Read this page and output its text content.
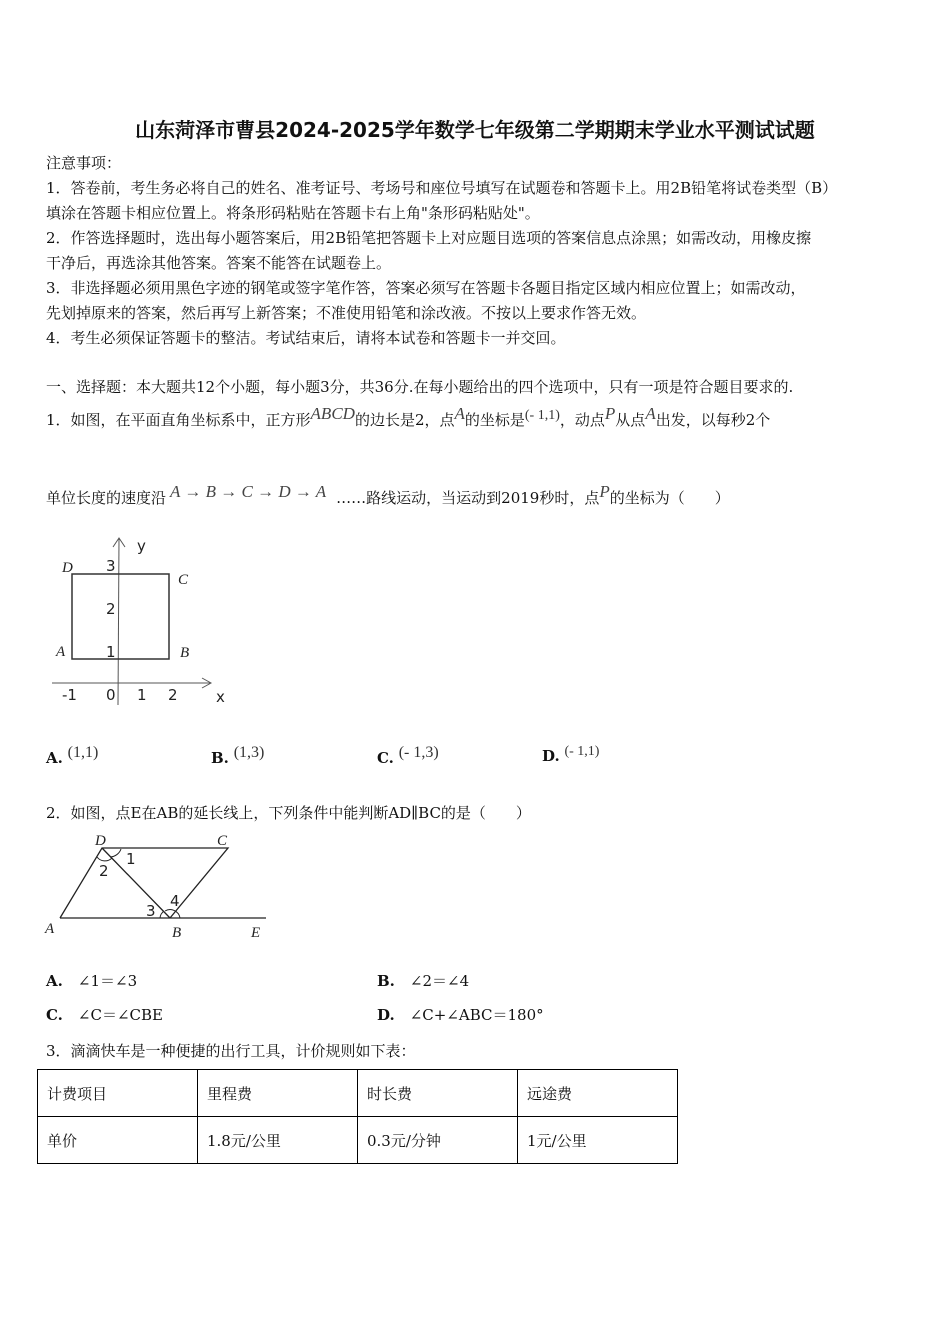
山东菏泽市曹县2024-2025学年数学七年级第二学期期末学业水平测试试题
注意事项：
1．答卷前，考生务必将自己的姓名、准考证号、考场号和座位号填写在试题卷和答题卡上。用2B铅笔将试卷类型（B）
填涂在答题卡相应位置上。将条形码粘贴在答题卡右上角"条形码粘贴处"。
2．作答选择题时，选出每小题答案后，用2B铅笔把答题卡上对应题目选项的答案信息点涂黑；如需改动，用橡皮擦
干净后，再选涂其他答案。答案不能答在试题卷上。
3．非选择题必须用黑色字迹的钢笔或签字笔作答，答案必须写在答题卡各题目指定区域内相应位置上；如需改动，
先划掉原来的答案，然后再写上新答案；不准使用铅笔和涂改液。不按以上要求作答无效。
4．考生必须保证答题卡的整洁。考试结束后，请将本试卷和答题卡一并交回。
一、选择题：本大题共12个小题，每小题3分，共36分.在每小题给出的四个选项中，只有一项是符合题目要求的.
1．如图，在平面直角坐标系中，正方形$^{ABCD}$的边长是2，点$^A$的坐标是$^{(- 1,1)}$，动点$^P$从点$^A$出发，以每秒2个
单位长度的速度沿 $^{A \to B \to C \to D \to A}$ ……路线运动，当运动到2019秒时，点$^P$的坐标为（　　）
y
x
D
C
A	B
3
2
1
-1 0 1 2
D	C
A	B	E
1
2
3
4
A. $^{(1,1)}$	B. $^{(1,3)}$	C. $^{(- 1,3)}$	D. $^{(- 1,1)}$
2．如图，点E在AB的延长线上，下列条件中能判断AD∥BC的是（　　）
A.　 ∠1＝∠3	B.　 ∠2＝∠4
C.　 ∠C＝∠CBE	D.　 ∠C+∠ABC＝180°
3．滴滴快车是一种便捷的出行工具，计价规则如下表：
计费项目	里程费	时长费	远途费
单价	1.8元/公里	0.3元/分钟	1元/公里
